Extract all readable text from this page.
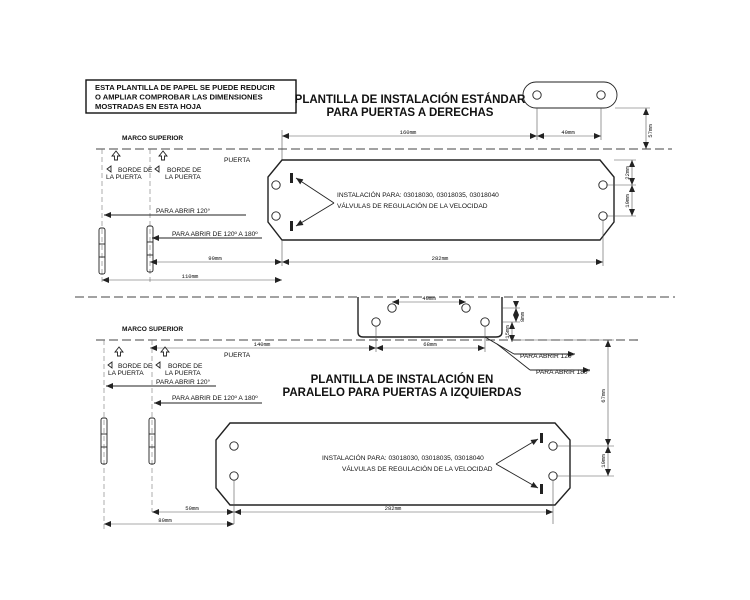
ESTA PLANTILLA DE PAPEL SE PUEDE REDUCIR
O AMPLIAR COMPROBAR LAS DIMENSIONES
MOSTRADAS EN ESTA HOJA
PLANTILLA DE INSTALACIÓN ESTÁNDAR
PARA PUERTAS A DERECHAS
40mm
160mm	57mm
MARCO SUPERIOR
PUERTA
BORDE DE
LA PUERTA
BORDE DE
LA PUERTA
INSTALACIÓN PARA: 03018030, 03018035, 03018040
VÁLVULAS DE REGULACIÓN DE LA VELOCIDAD
22mm
19mm
PARA ABRIR 120°
PARA ABRIR DE 120º A 180º
90mm	282mm
110mm
40mm
8mm
15mm
140mm	68mm
MARCO SUPERIOR
PUERTA
BORDE DE
LA PUERTA
BORDE DE
LA PUERTA
PARA ABRIR 120°
PARA ABRIR DE 120º A 180º
PARA ABRIR 120°
PARA ABRIR 180°
PLANTILLA DE INSTALACIÓN EN
PARALELO PARA PUERTAS A IZQUIERDAS
INSTALACIÓN PARA: 03018030, 03018035, 03018040
VÁLVULAS DE REGULACIÓN DE LA VELOCIDAD
67mm
19mm
50mm	282mm
80mm
